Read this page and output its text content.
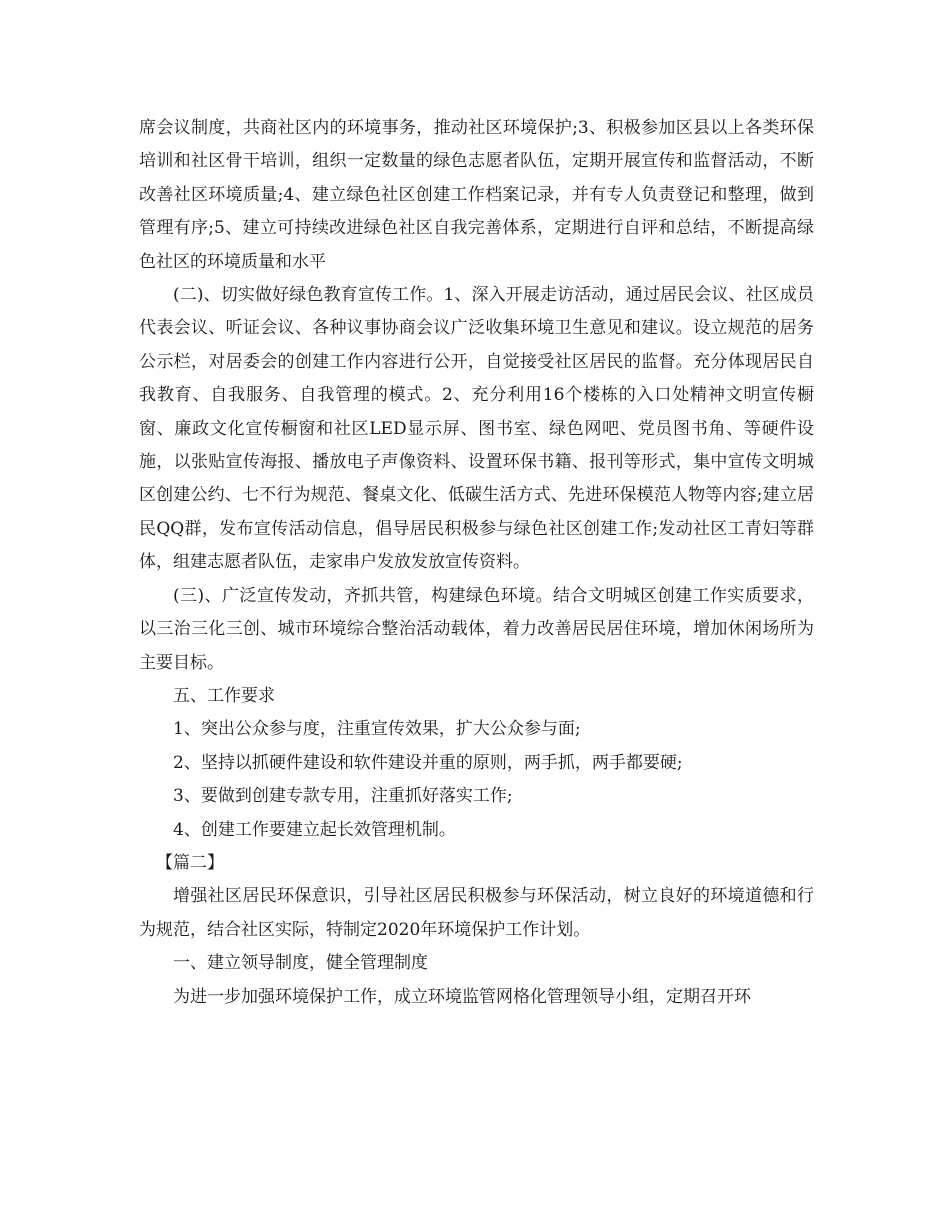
席会议制度，共商社区内的环境事务，推动社区环境保护;3、积极参加区县以上各类环保培训和社区骨干培训，组织一定数量的绿色志愿者队伍，定期开展宣传和监督活动，不断改善社区环境质量;4、建立绿色社区创建工作档案记录，并有专人负责登记和整理，做到管理有序;5、建立可持续改进绿色社区自我完善体系，定期进行自评和总结，不断提高绿色社区的环境质量和水平

(二)、切实做好绿色教育宣传工作。1、深入开展走访活动，通过居民会议、社区成员代表会议、听证会议、各种议事协商会议广泛收集环境卫生意见和建议。设立规范的居务公示栏，对居委会的创建工作内容进行公开，自觉接受社区居民的监督。充分体现居民自我教育、自我服务、自我管理的模式。2、充分利用16个楼栋的入口处精神文明宣传橱窗、廉政文化宣传橱窗和社区LED显示屏、图书室、绿色网吧、党员图书角、等硬件设施，以张贴宣传海报、播放电子声像资料、设置环保书籍、报刊等形式，集中宣传文明城区创建公约、七不行为规范、餐桌文化、低碳生活方式、先进环保模范人物等内容;建立居民QQ群，发布宣传活动信息，倡导居民积极参与绿色社区创建工作;发动社区工青妇等群体，组建志愿者队伍，走家串户发放发放宣传资料。

(三)、广泛宣传发动，齐抓共管，构建绿色环境。结合文明城区创建工作实质要求，以三治三化三创、城市环境综合整治活动载体，着力改善居民居住环境，增加休闲场所为主要目标。

五、工作要求

1、突出公众参与度，注重宣传效果，扩大公众参与面;

2、坚持以抓硬件建设和软件建设并重的原则，两手抓，两手都要硬;

3、要做到创建专款专用，注重抓好落实工作;

4、创建工作要建立起长效管理机制。

【篇二】

增强社区居民环保意识，引导社区居民积极参与环保活动，树立良好的环境道德和行为规范，结合社区实际，特制定2020年环境保护工作计划。

一、建立领导制度，健全管理制度

为进一步加强环境保护工作，成立环境监管网格化管理领导小组，定期召开环
